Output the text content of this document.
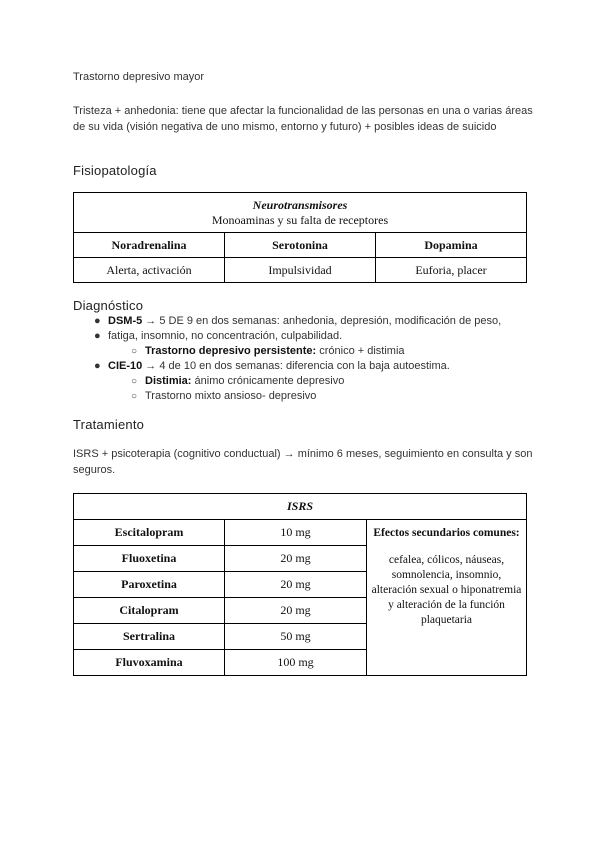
Trastorno depresivo mayor

Tristeza + anhedonia: tiene que afectar la funcionalidad de las personas en una o varias áreas de su vida (visión negativa de uno mismo, entorno y futuro) + posibles ideas de suicido

Fisiopatología

Neurotransmisores
Monoaminas y su falta de receptores		

Noradrenalina	Serotonina	Dopamina
Alerta, activación	Impulsividad	Euforia, placer

Diagnóstico

● DSM-5 → 5 DE 9 en dos semanas: anhedonia, depresión, modificación de peso,
● fatiga, insomnio, no concentración, culpabilidad.
○ Trastorno depresivo persistente: crónico + distimia
● CIE-10 → 4 de 10 en dos semanas: diferencia con la baja autoestima.
○ Distimia: ánimo crónicamente depresivo
○ Trastorno mixto ansioso- depresivo

Tratamiento

ISRS + psicoterapia (cognitivo conductual) → mínimo 6 meses, seguimiento en consulta y son seguros.

ISRS		
Escitalopram	10 mg	Efectos secundarios comunes:
cefalea, cólicos, náuseas, somnolencia, insomnio, alteración sexual o hiponatremia y alteración de la función plaquetaria

Fluoxetina	20 mg	
Paroxetina	20 mg	
Citalopram	20 mg	
Sertralina	50 mg	
Fluvoxamina	100 mg	
